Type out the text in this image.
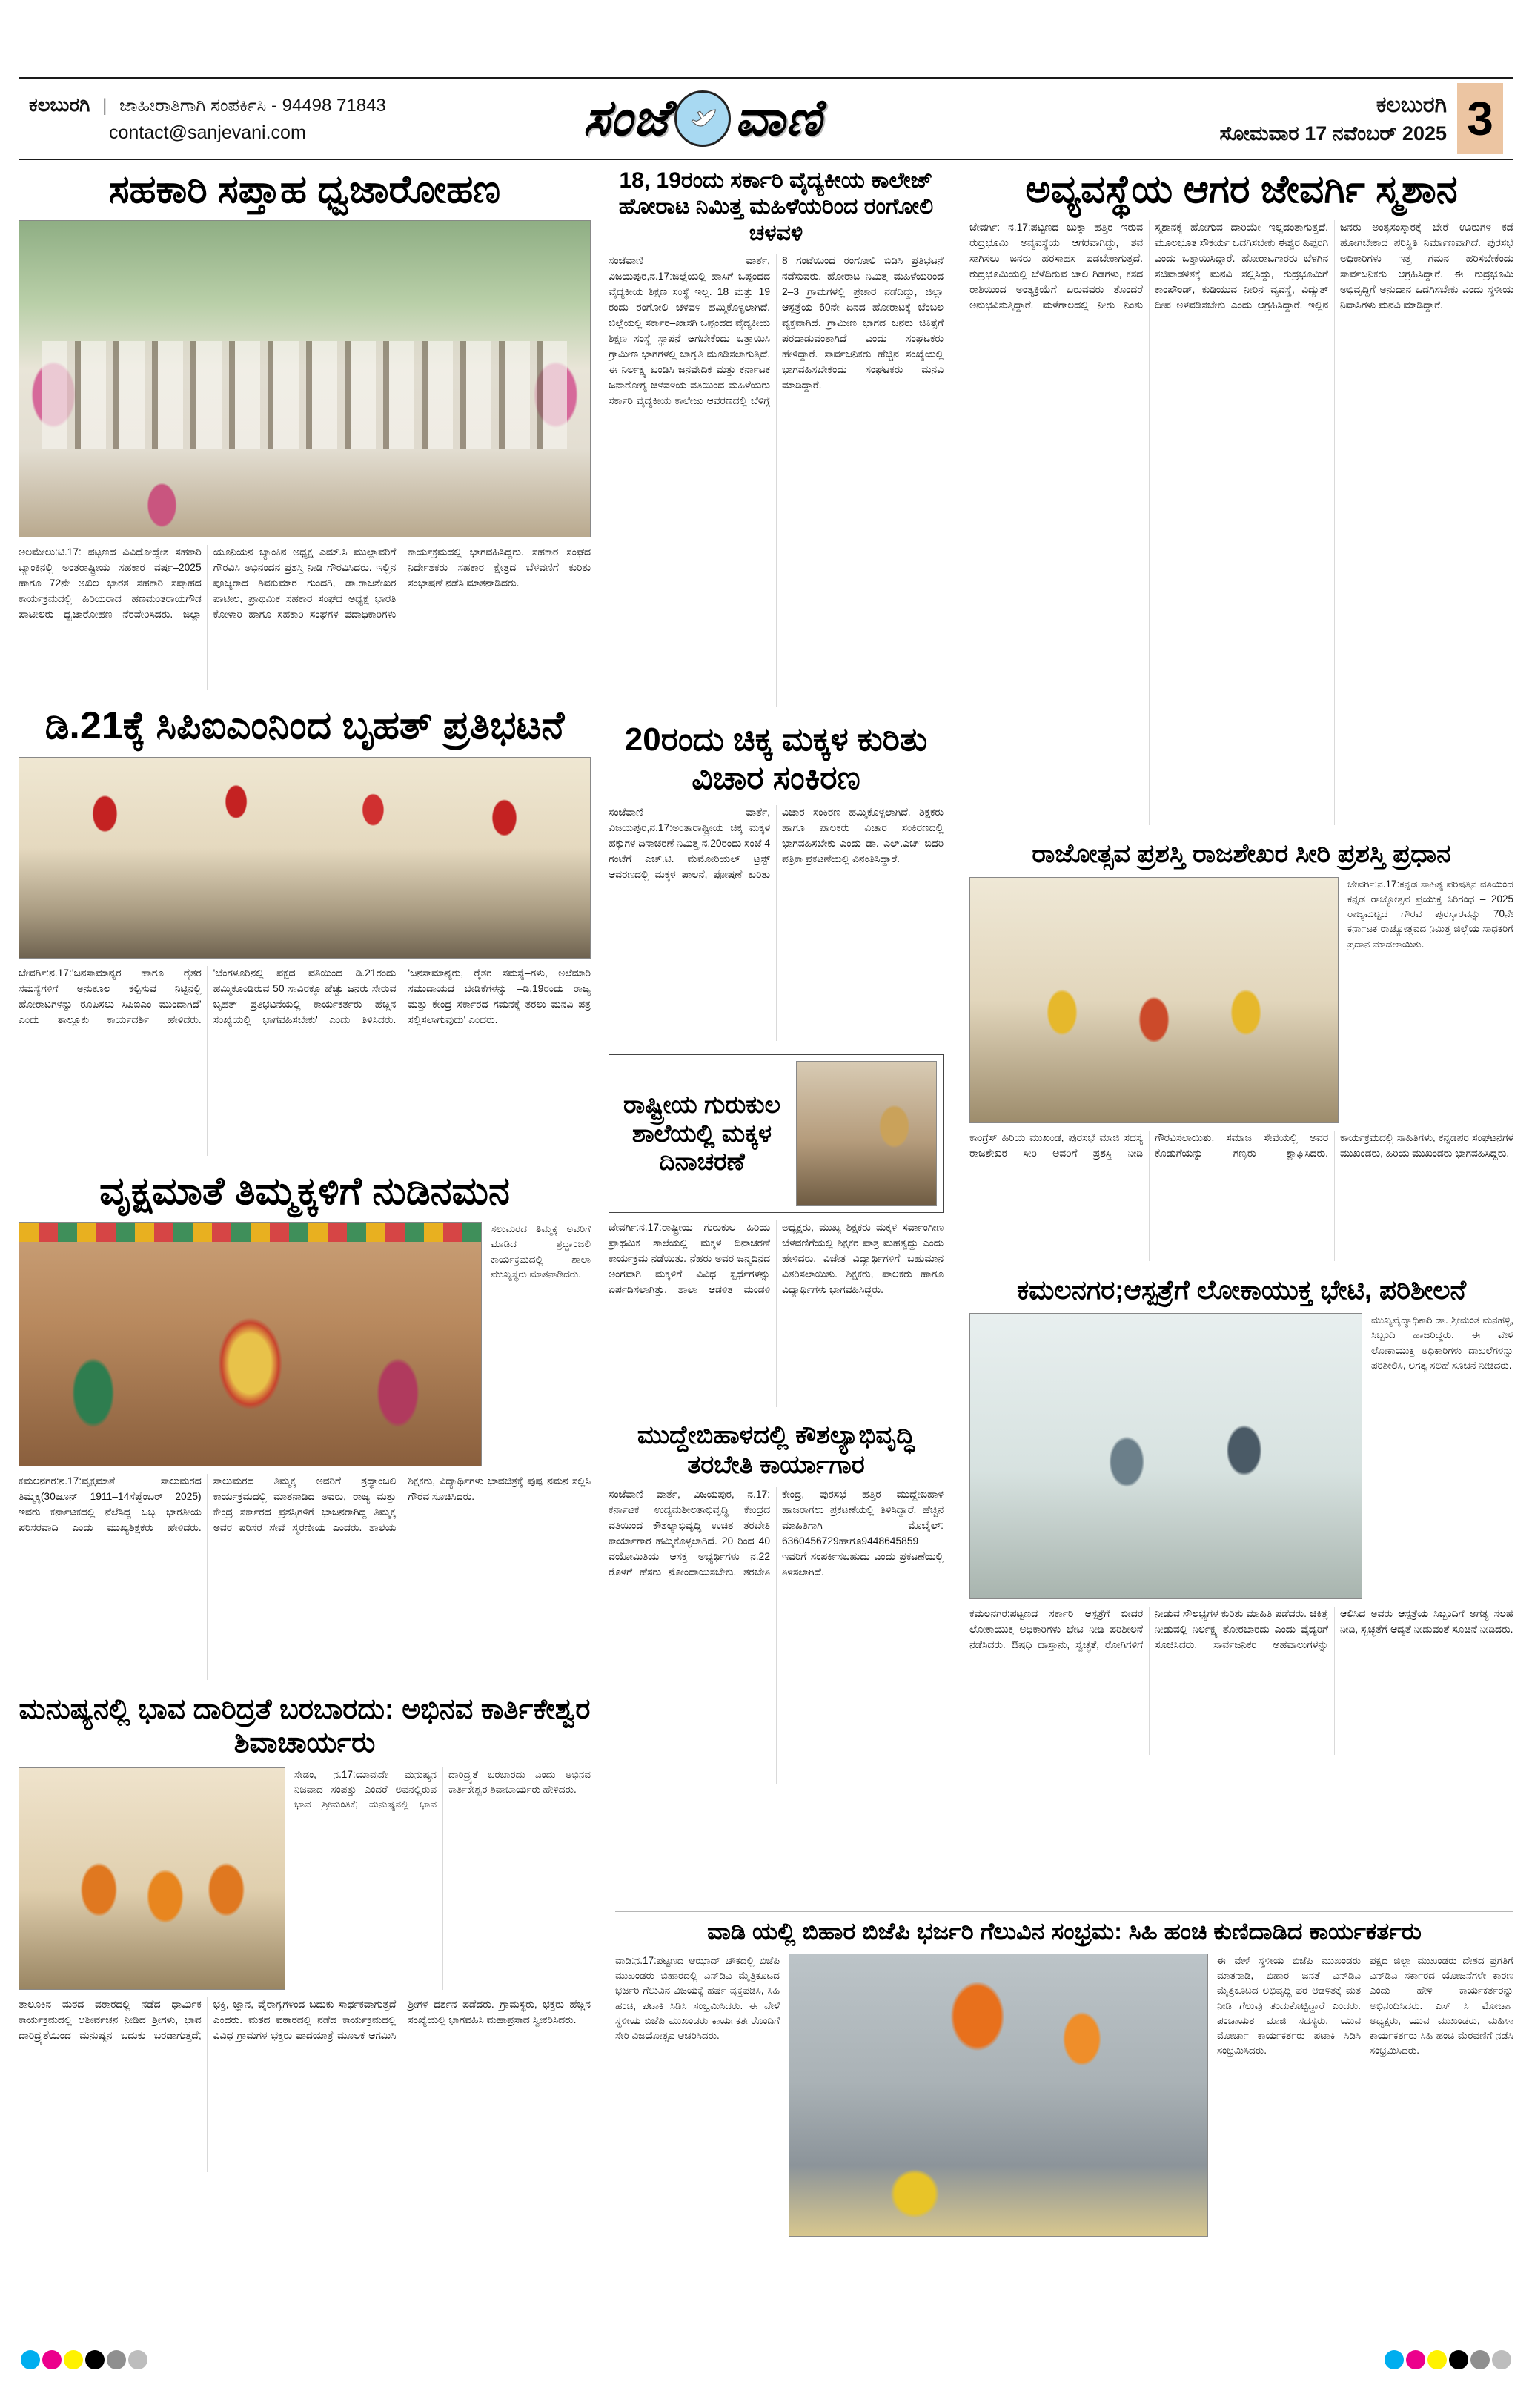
ಕಲಬುರಗಿ | ಜಾಹೀರಾತಿಗಾಗಿ ಸಂಪರ್ಕಿಸಿ - 94498 71843
contact@sanjevani.com	ಸಂಜೆ ವಾಣಿ	ಕಲಬುರಗಿ
ಸೋಮವಾರ 17 ನವೆಂಬರ್ 2025 3
ಸಹಕಾರಿ ಸಪ್ತಾಹ ಧ್ವಜಾರೋಹಣ
ಅಲಮೇಲು:ಟಿ.17: ಪಟ್ಟಣದ ವಿವಿಧೋದ್ದೇಶ ಸಹಕಾರಿ ಬ್ಯಾಂಕಿನಲ್ಲಿ ಅಂತರಾಷ್ಟ್ರೀಯ ಸಹಕಾರ ವರ್ಷ–2025 ಹಾಗೂ 72ನೇ ಅಖಿಲ ಭಾರತ ಸಹಕಾರಿ ಸಪ್ತಾಹದ ಕಾರ್ಯಕ್ರಮದಲ್ಲಿ ಹಿರಿಯರಾದ ಹಣಮಂತರಾಯಗೌಡ ಪಾಟೀಲರು ಧ್ವಜಾರೋಹಣ ನೆರವೇರಿಸಿದರು. ಜಿಲ್ಲಾ ಯೂನಿಯನ ಬ್ಯಾಂಕಿನ ಅಧ್ಯಕ್ಷ ಎಮ್.ಸಿ ಮುಲ್ಲಾವರಿಗೆ ಗೌರವಿಸಿ ಅಭಿನಂದನ ಪ್ರಶಸ್ತಿ ನೀಡಿ ಗೌರವಿಸಿದರು. ಇಲ್ಲಿನ ಪೂಜ್ಯರಾದ ಶಿವಕುಮಾರ ಗುಂದಗಿ, ಡಾ.ರಾಜಶೇಖರ ಪಾಟೀಲ, ಪ್ರಾಥಮಿಕ ಸಹಕಾರ ಸಂಘದ ಅಧ್ಯಕ್ಷ ಭಾರತಿ ಕೋಳಾರಿ ಹಾಗೂ ಸಹಕಾರಿ ಸಂಘಗಳ ಪದಾಧಿಕಾರಿಗಳು ಕಾರ್ಯಕ್ರಮದಲ್ಲಿ ಭಾಗವಹಿಸಿದ್ದರು. ಸಹಕಾರ ಸಂಘದ ನಿರ್ದೇಶಕರು ಸಹಕಾರ ಕ್ಷೇತ್ರದ ಬೆಳವಣಿಗೆ ಕುರಿತು ಸಂಭಾಷಣೆ ನಡೆಸಿ ಮಾತನಾಡಿದರು.
ಡಿ.21ಕ್ಕೆ ಸಿಪಿಐಎಂನಿಂದ ಬೃಹತ್ ಪ್ರತಿಭಟನೆ
ಜೇವರ್ಗಿ:ನ.17:'ಜನಸಾಮಾನ್ಯರ ಹಾಗೂ ರೈತರ ಸಮಸ್ಯೆಗಳಿಗೆ ಅನುಕೂಲ ಕಲ್ಪಿಸುವ ನಿಟ್ಟಿನಲ್ಲಿ ಹೋರಾಟಗಳನ್ನು ರೂಪಿಸಲು ಸಿಪಿಐಎಂ ಮುಂದಾಗಿದೆ' ಎಂದು ತಾಲ್ಲೂಕು ಕಾರ್ಯದರ್ಶಿ ಹೇಳಿದರು. 'ಬೆಂಗಳೂರಿನಲ್ಲಿ ಪಕ್ಷದ ವತಿಯಿಂದ ಡಿ.21ರಂದು ಹಮ್ಮಿಕೊಂಡಿರುವ 50 ಸಾವಿರಕ್ಕೂ ಹೆಚ್ಚು ಜನರು ಸೇರುವ ಬೃಹತ್ ಪ್ರತಿಭಟನೆಯಲ್ಲಿ ಕಾರ್ಯಕರ್ತರು ಹೆಚ್ಚಿನ ಸಂಖ್ಯೆಯಲ್ಲಿ ಭಾಗವಹಿಸಬೇಕು' ಎಂದು ತಿಳಿಸಿದರು. 'ಜನಸಾಮಾನ್ಯರು, ರೈತರ ಸಮಸ್ಯೆ–ಗಳು, ಅಲೆಮಾರಿ ಸಮುದಾಯದ ಬೇಡಿಕೆಗಳನ್ನು –ಡಿ.19ರಂದು ರಾಜ್ಯ ಮತ್ತು ಕೇಂದ್ರ ಸರ್ಕಾರದ ಗಮನಕ್ಕೆ ತರಲು ಮನವಿ ಪತ್ರ ಸಲ್ಲಿಸಲಾಗುವುದು' ಎಂದರು.
ವೃಕ್ಷಮಾತೆ ತಿಮ್ಮಕ್ಕಳಿಗೆ ನುಡಿನಮನ
ಸಲುಮರದ ತಿಮ್ಮಕ್ಕ ಅವರಿಗೆ ಮಾಡಿದ ಶ್ರದ್ಧಾಂಜಲಿ ಕಾರ್ಯಕ್ರಮದಲ್ಲಿ ಶಾಲಾ ಮುಖ್ಯಸ್ಥರು ಮಾತನಾಡಿದರು.
ಕಮಲನಗರ:ನ.17:ವೃಕ್ಷಮಾತೆ ಸಾಲುಮರದ ತಿಮ್ಮಕ್ಕ(30ಜೂನ್ 1911–14ಸೆಪ್ಟೆಂಬರ್ 2025) ಇವರು ಕರ್ನಾಟಕದಲ್ಲಿ ನೆಲೆಸಿದ್ದ ಒಬ್ಬ ಭಾರತೀಯ ಪರಿಸರವಾದಿ ಎಂದು ಮುಖ್ಯಶಿಕ್ಷಕರು ಹೇಳಿದರು. ಸಾಲುಮರದ ತಿಮ್ಮಕ್ಕ ಅವರಿಗೆ ಶ್ರದ್ಧಾಂಜಲಿ ಕಾರ್ಯಕ್ರಮದಲ್ಲಿ ಮಾತನಾಡಿದ ಅವರು, ರಾಜ್ಯ ಮತ್ತು ಕೇಂದ್ರ ಸರ್ಕಾರದ ಪ್ರಶಸ್ತಿಗಳಿಗೆ ಭಾಜನರಾಗಿದ್ದ ತಿಮ್ಮಕ್ಕ ಅವರ ಪರಿಸರ ಸೇವೆ ಸ್ಮರಣೀಯ ಎಂದರು. ಶಾಲೆಯ ಶಿಕ್ಷಕರು, ವಿದ್ಯಾರ್ಥಿಗಳು ಭಾವಚಿತ್ರಕ್ಕೆ ಪುಷ್ಪ ನಮನ ಸಲ್ಲಿಸಿ ಗೌರವ ಸೂಚಿಸಿದರು.
ಮನುಷ್ಯನಲ್ಲಿ ಭಾವ ದಾರಿದ್ರತೆ ಬರಬಾರದು: ಅಭಿನವ ಕಾರ್ತಿಕೇಶ್ವರ ಶಿವಾಚಾರ್ಯರು
ಸೇಡಂ, ನ.17:ಯಾವುದೇ ಮನುಷ್ಯನ ನಿಜವಾದ ಸಂಪತ್ತು ಎಂದರೆ ಅವನಲ್ಲಿರುವ ಭಾವ ಶ್ರೀಮಂತಿಕೆ; ಮನುಷ್ಯನಲ್ಲಿ ಭಾವ ದಾರಿದ್ರ್ಯತೆ ಬರಬಾರದು ಎಂದು ಅಭಿನವ ಕಾರ್ತಿಕೇಶ್ವರ ಶಿವಾಚಾರ್ಯರು ಹೇಳಿದರು.
ತಾಲೂಕಿನ ಮಠದ ವಠಾರದಲ್ಲಿ ನಡೆದ ಧಾರ್ಮಿಕ ಕಾರ್ಯಕ್ರಮದಲ್ಲಿ ಆಶೀರ್ವಚನ ನೀಡಿದ ಶ್ರೀಗಳು, ಭಾವ ದಾರಿದ್ರ್ಯತೆಯಿಂದ ಮನುಷ್ಯನ ಬದುಕು ಬರಡಾಗುತ್ತದೆ; ಭಕ್ತಿ, ಜ್ಞಾನ, ವೈರಾಗ್ಯಗಳಿಂದ ಬದುಕು ಸಾರ್ಥಕವಾಗುತ್ತದೆ ಎಂದರು. ಮಠದ ವಠಾರದಲ್ಲಿ ನಡೆದ ಕಾರ್ಯಕ್ರಮದಲ್ಲಿ ವಿವಿಧ ಗ್ರಾಮಗಳ ಭಕ್ತರು ಪಾದಯಾತ್ರೆ ಮೂಲಕ ಆಗಮಿಸಿ ಶ್ರೀಗಳ ದರ್ಶನ ಪಡೆದರು. ಗ್ರಾಮಸ್ಥರು, ಭಕ್ತರು ಹೆಚ್ಚಿನ ಸಂಖ್ಯೆಯಲ್ಲಿ ಭಾಗವಹಿಸಿ ಮಹಾಪ್ರಸಾದ ಸ್ವೀಕರಿಸಿದರು.
18, 19ರಂದು ಸರ್ಕಾರಿ ವೈದ್ಯಕೀಯ ಕಾಲೇಜ್ ಹೋರಾಟ ನಿಮಿತ್ತ ಮಹಿಳೆಯರಿಂದ ರಂಗೋಲಿ ಚಳವಳಿ
ಸಂಜೆವಾಣಿ ವಾರ್ತೆ, ವಿಜಯಪುರ,ನ.17:ಜಿಲ್ಲೆಯಲ್ಲಿ ಹಾಸಿಗೆ ಒಪ್ಪಂದದ ವೈದ್ಯಕೀಯ ಶಿಕ್ಷಣ ಸಂಸ್ಥೆ ಇಲ್ಲ. 18 ಮತ್ತು 19 ರಂದು ರಂಗೋಲಿ ಚಳವಳಿ ಹಮ್ಮಿಕೊಳ್ಳಲಾಗಿದೆ. ಜಿಲ್ಲೆಯಲ್ಲಿ ಸರ್ಕಾರ–ಖಾಸಗಿ ಒಪ್ಪಂದದ ವೈದ್ಯಕೀಯ ಶಿಕ್ಷಣ ಸಂಸ್ಥೆ ಸ್ಥಾಪನೆ ಆಗಬೇಕೆಂದು ಒತ್ತಾಯಿಸಿ ಗ್ರಾಮೀಣ ಭಾಗಗಳಲ್ಲಿ ಜಾಗೃತಿ ಮೂಡಿಸಲಾಗುತ್ತಿದೆ. ಈ ನಿರ್ಲಕ್ಷ್ಯ ಖಂಡಿಸಿ ಜನವೇದಿಕೆ ಮತ್ತು ಕರ್ನಾಟಕ ಜನಾರೋಗ್ಯ ಚಳವಳಿಯ ವತಿಯಿಂದ ಮಹಿಳೆಯರು ಸರ್ಕಾರಿ ವೈದ್ಯಕೀಯ ಕಾಲೇಜು ಆವರಣದಲ್ಲಿ ಬೆಳಿಗ್ಗೆ 8 ಗಂಟೆಯಿಂದ ರಂಗೋಲಿ ಬಿಡಿಸಿ ಪ್ರತಿಭಟನೆ ನಡೆಸುವರು. ಹೋರಾಟ ನಿಮಿತ್ತ ಮಹಿಳೆಯರಿಂದ 2–3 ಗ್ರಾಮಗಳಲ್ಲಿ ಪ್ರಚಾರ ನಡೆದಿದ್ದು, ಜಿಲ್ಲಾ ಆಸ್ಪತ್ರೆಯ 60ನೇ ದಿನದ ಹೋರಾಟಕ್ಕೆ ಬೆಂಬಲ ವ್ಯಕ್ತವಾಗಿದೆ. ಗ್ರಾಮೀಣ ಭಾಗದ ಜನರು ಚಿಕಿತ್ಸೆಗೆ ಪರದಾಡುವಂತಾಗಿದೆ ಎಂದು ಸಂಘಟಕರು ಹೇಳಿದ್ದಾರೆ. ಸಾರ್ವಜನಿಕರು ಹೆಚ್ಚಿನ ಸಂಖ್ಯೆಯಲ್ಲಿ ಭಾಗವಹಿಸಬೇಕೆಂದು ಸಂಘಟಕರು ಮನವಿ ಮಾಡಿದ್ದಾರೆ.
20ರಂದು ಚಿಕ್ಕ ಮಕ್ಕಳ ಕುರಿತು ವಿಚಾರ ಸಂಕಿರಣ
ಸಂಜೆವಾಣಿ ವಾರ್ತೆ, ವಿಜಯಪುರ,ನ.17:ಅಂತಾರಾಷ್ಟ್ರೀಯ ಚಿಕ್ಕ ಮಕ್ಕಳ ಹಕ್ಕುಗಳ ದಿನಾಚರಣೆ ನಿಮಿತ್ತ ನ.20ರಂದು ಸಂಜೆ 4 ಗಂಟೆಗೆ ಎಚ್.ಟಿ. ಮೆಮೋರಿಯಲ್ ಟ್ರಸ್ಟ್ ಆವರಣದಲ್ಲಿ ಮಕ್ಕಳ ಪಾಲನೆ, ಪೋಷಣೆ ಕುರಿತು ವಿಚಾರ ಸಂಕಿರಣ ಹಮ್ಮಿಕೊಳ್ಳಲಾಗಿದೆ. ಶಿಕ್ಷಕರು ಹಾಗೂ ಪಾಲಕರು ವಿಚಾರ ಸಂಕಿರಣದಲ್ಲಿ ಭಾಗವಹಿಸಬೇಕು ಎಂದು ಡಾ. ಎಲ್.ಎಚ್ ಬಿದರಿ ಪತ್ರಿಕಾ ಪ್ರಕಟಣೆಯಲ್ಲಿ ವಿನಂತಿಸಿದ್ದಾರೆ.
ರಾಷ್ಟ್ರೀಯ ಗುರುಕುಲ ಶಾಲೆಯಲ್ಲಿ ಮಕ್ಕಳ ದಿನಾಚರಣೆ
ಜೇವರ್ಗಿ:ನ.17:ರಾಷ್ಟ್ರೀಯ ಗುರುಕುಲ ಹಿರಿಯ ಪ್ರಾಥಮಿಕ ಶಾಲೆಯಲ್ಲಿ ಮಕ್ಕಳ ದಿನಾಚರಣೆ ಕಾರ್ಯಕ್ರಮ ನಡೆಯಿತು. ನೆಹರು ಅವರ ಜನ್ಮದಿನದ ಅಂಗವಾಗಿ ಮಕ್ಕಳಿಗೆ ವಿವಿಧ ಸ್ಪರ್ಧೆಗಳನ್ನು ಏರ್ಪಡಿಸಲಾಗಿತ್ತು. ಶಾಲಾ ಆಡಳಿತ ಮಂಡಳಿ ಅಧ್ಯಕ್ಷರು, ಮುಖ್ಯ ಶಿಕ್ಷಕರು ಮಕ್ಕಳ ಸರ್ವಾಂಗೀಣ ಬೆಳವಣಿಗೆಯಲ್ಲಿ ಶಿಕ್ಷಕರ ಪಾತ್ರ ಮಹತ್ವದ್ದು ಎಂದು ಹೇಳಿದರು. ವಿಜೇತ ವಿದ್ಯಾರ್ಥಿಗಳಿಗೆ ಬಹುಮಾನ ವಿತರಿಸಲಾಯಿತು. ಶಿಕ್ಷಕರು, ಪಾಲಕರು ಹಾಗೂ ವಿದ್ಯಾರ್ಥಿಗಳು ಭಾಗವಹಿಸಿದ್ದರು.
ಮುದ್ದೇಬಿಹಾಳದಲ್ಲಿ ಕೌಶಲ್ಯಾಭಿವೃದ್ಧಿ ತರಬೇತಿ ಕಾರ್ಯಾಗಾರ
ಸಂಜೆವಾಣಿ ವಾರ್ತೆ, ವಿಜಯಪುರ, ನ.17: ಕರ್ನಾಟಕ ಉದ್ಯಮಶೀಲತಾಭಿವೃದ್ಧಿ ಕೇಂದ್ರದ ವತಿಯಿಂದ ಕೌಶಲ್ಯಾಭಿವೃದ್ಧಿ ಉಚಿತ ತರಬೇತಿ ಕಾರ್ಯಾಗಾರ ಹಮ್ಮಿಕೊಳ್ಳಲಾಗಿದೆ. 20 ರಿಂದ 40 ವಯೋಮಿತಿಯ ಆಸಕ್ತ ಅಭ್ಯರ್ಥಿಗಳು ನ.22 ರೊಳಗೆ ಹೆಸರು ನೋಂದಾಯಿಸಬೇಕು. ತರಬೇತಿ ಕೇಂದ್ರ, ಪುರಸಭೆ ಹತ್ತಿರ ಮುದ್ದೇಬಿಹಾಳ ಹಾಜರಾಗಲು ಪ್ರಕಟಣೆಯಲ್ಲಿ ತಿಳಿಸಿದ್ದಾರೆ. ಹೆಚ್ಚಿನ ಮಾಹಿತಿಗಾಗಿ ಮೊಬೈಲ್: 6360456729ಹಾಗೂ9448645859 ಇವರಿಗೆ ಸಂಪರ್ಕಿಸಬಹುದು ಎಂದು ಪ್ರಕಟಣೆಯಲ್ಲಿ ತಿಳಿಸಲಾಗಿದೆ.
ಅವ್ಯವಸ್ಥೆಯ ಆಗರ ಜೇವರ್ಗಿ ಸ್ಮಶಾನ
ಜೇವರ್ಗಿ: ನ.17:ಪಟ್ಟಣದ ಬುಕ್ಕಾ ಹತ್ತಿರ ಇರುವ ರುದ್ರಭೂಮಿ ಅವ್ಯವಸ್ಥೆಯ ಆಗರವಾಗಿದ್ದು, ಶವ ಸಾಗಿಸಲು ಜನರು ಹರಸಾಹಸ ಪಡಬೇಕಾಗುತ್ತದೆ. ರುದ್ರಭೂಮಿಯಲ್ಲಿ ಬೆಳೆದಿರುವ ಜಾಲಿ ಗಿಡಗಳು, ಕಸದ ರಾಶಿಯಿಂದ ಅಂತ್ಯಕ್ರಿಯೆಗೆ ಬರುವವರು ತೊಂದರೆ ಅನುಭವಿಸುತ್ತಿದ್ದಾರೆ. ಮಳೆಗಾಲದಲ್ಲಿ ನೀರು ನಿಂತು ಸ್ಮಶಾನಕ್ಕೆ ಹೋಗುವ ದಾರಿಯೇ ಇಲ್ಲದಂತಾಗುತ್ತದೆ. ಮೂಲಭೂತ ಸೌಕರ್ಯ ಒದಗಿಸಬೇಕು ಈಶ್ವರ ಹಿಪ್ಪರಗಿ ಎಂದು ಒತ್ತಾಯಿಸಿದ್ದಾರೆ. ಹೋರಾಟಗಾರರು ಬೆಳಗಿನ ಸಚಿವಾಡಳಿತಕ್ಕೆ ಮನವಿ ಸಲ್ಲಿಸಿದ್ದು, ರುದ್ರಭೂಮಿಗೆ ಕಾಂಪೌಂಡ್, ಕುಡಿಯುವ ನೀರಿನ ವ್ಯವಸ್ಥೆ, ವಿದ್ಯುತ್ ದೀಪ ಅಳವಡಿಸಬೇಕು ಎಂದು ಆಗ್ರಹಿಸಿದ್ದಾರೆ. ಇಲ್ಲಿನ ಜನರು ಅಂತ್ಯಸಂಸ್ಕಾರಕ್ಕೆ ಬೇರೆ ಊರುಗಳ ಕಡೆ ಹೋಗಬೇಕಾದ ಪರಿಸ್ಥಿತಿ ನಿರ್ಮಾಣವಾಗಿದೆ. ಪುರಸಭೆ ಅಧಿಕಾರಿಗಳು ಇತ್ತ ಗಮನ ಹರಿಸಬೇಕೆಂದು ಸಾರ್ವಜನಿಕರು ಆಗ್ರಹಿಸಿದ್ದಾರೆ. ಈ ರುದ್ರಭೂಮಿ ಅಭಿವೃದ್ಧಿಗೆ ಅನುದಾನ ಒದಗಿಸಬೇಕು ಎಂದು ಸ್ಥಳೀಯ ನಿವಾಸಿಗಳು ಮನವಿ ಮಾಡಿದ್ದಾರೆ.
ರಾಜೋತ್ಸವ ಪ್ರಶಸ್ತಿ ರಾಜಶೇಖರ ಸೀರಿ ಪ್ರಶಸ್ತಿ ಪ್ರಧಾನ
ಜೇವರ್ಗಿ:ನ.17:ಕನ್ನಡ ಸಾಹಿತ್ಯ ಪರಿಷತ್ತಿನ ವತಿಯಿಂದ ಕನ್ನಡ ರಾಜ್ಯೋತ್ಸವ ಪ್ರಯುಕ್ತ ಸಿರಿಗಂಧ – 2025 ರಾಜ್ಯಮಟ್ಟದ ಗೌರವ ಪುರಸ್ಕಾರವನ್ನು 70ನೇ ಕರ್ನಾಟಕ ರಾಜ್ಯೋತ್ಸವದ ನಿಮಿತ್ತ ಜಿಲ್ಲೆಯ ಸಾಧಕರಿಗೆ ಪ್ರದಾನ ಮಾಡಲಾಯಿತು.
ಕಾಂಗ್ರೆಸ್ ಹಿರಿಯ ಮುಖಂಡ, ಪುರಸಭೆ ಮಾಜಿ ಸದಸ್ಯ ರಾಜಶೇಖರ ಸೀರಿ ಅವರಿಗೆ ಪ್ರಶಸ್ತಿ ನೀಡಿ ಗೌರವಿಸಲಾಯಿತು. ಸಮಾಜ ಸೇವೆಯಲ್ಲಿ ಅವರ ಕೊಡುಗೆಯನ್ನು ಗಣ್ಯರು ಶ್ಲಾಘಿಸಿದರು. ಕಾರ್ಯಕ್ರಮದಲ್ಲಿ ಸಾಹಿತಿಗಳು, ಕನ್ನಡಪರ ಸಂಘಟನೆಗಳ ಮುಖಂಡರು, ಹಿರಿಯ ಮುಖಂಡರು ಭಾಗವಹಿಸಿದ್ದರು.
ಕಮಲನಗರ;ಆಸ್ಪತ್ರೆಗೆ ಲೋಕಾಯುಕ್ತ ಭೇಟಿ, ಪರಿಶೀಲನೆ
ಮುಖ್ಯವೈದ್ಯಾಧಿಕಾರಿ ಡಾ. ಶ್ರೀಮಂತ ಮನಹಳ್ಳಿ, ಸಿಬ್ಬಂದಿ ಹಾಜರಿದ್ದರು. ಈ ವೇಳೆ ಲೋಕಾಯುಕ್ತ ಅಧಿಕಾರಿಗಳು ದಾಖಲೆಗಳನ್ನು ಪರಿಶೀಲಿಸಿ, ಅಗತ್ಯ ಸಲಹೆ ಸೂಚನೆ ನೀಡಿದರು.
ಕಮಲನಗರ:ಪಟ್ಟಣದ ಸರ್ಕಾರಿ ಆಸ್ಪತ್ರೆಗೆ ಬೀದರ ಲೋಕಾಯುಕ್ತ ಅಧಿಕಾರಿಗಳು ಭೇಟಿ ನೀಡಿ ಪರಿಶೀಲನೆ ನಡೆಸಿದರು. ಔಷಧಿ ದಾಸ್ತಾನು, ಸ್ವಚ್ಛತೆ, ರೋಗಿಗಳಿಗೆ ನೀಡುವ ಸೌಲಭ್ಯಗಳ ಕುರಿತು ಮಾಹಿತಿ ಪಡೆದರು. ಚಿಕಿತ್ಸೆ ನೀಡುವಲ್ಲಿ ನಿರ್ಲಕ್ಷ್ಯ ತೋರಬಾರದು ಎಂದು ವೈದ್ಯರಿಗೆ ಸೂಚಿಸಿದರು. ಸಾರ್ವಜನಿಕರ ಅಹವಾಲುಗಳನ್ನು ಆಲಿಸಿದ ಅವರು ಆಸ್ಪತ್ರೆಯ ಸಿಬ್ಬಂದಿಗೆ ಅಗತ್ಯ ಸಲಹೆ ನೀಡಿ, ಸ್ವಚ್ಛತೆಗೆ ಆದ್ಯತೆ ನೀಡುವಂತೆ ಸೂಚನೆ ನೀಡಿದರು.
ವಾಡಿ ಯಲ್ಲಿ ಬಿಹಾರ ಬಿಜೆಪಿ ಭರ್ಜರಿ ಗೆಲುವಿನ ಸಂಭ್ರಮ: ಸಿಹಿ ಹಂಚಿ ಕುಣಿದಾಡಿದ ಕಾರ್ಯಕರ್ತರು
ವಾಡಿ:ನ.17:ಪಟ್ಟಣದ ಆಝಾದ್ ಚೌಕದಲ್ಲಿ ಬಿಜೆಪಿ ಮುಖಂಡರು ಬಿಹಾರದಲ್ಲಿ ಎನ್‌ಡಿಎ ಮೈತ್ರಿಕೂಟದ ಭರ್ಜರಿ ಗೆಲುವಿನ ವಿಜಯಕ್ಕೆ ಹರ್ಷ ವ್ಯಕ್ತಪಡಿಸಿ, ಸಿಹಿ ಹಂಚಿ, ಪಟಾಕಿ ಸಿಡಿಸಿ ಸಂಭ್ರಮಿಸಿದರು. ಈ ವೇಳೆ ಸ್ಥಳೀಯ ಬಿಜೆಪಿ ಮುಖಂಡರು ಕಾರ್ಯಕರ್ತರೊಂದಿಗೆ ಸೇರಿ ವಿಜಯೋತ್ಸವ ಆಚರಿಸಿದರು.
ಈ ವೇಳೆ ಸ್ಥಳೀಯ ಬಿಜೆಪಿ ಮುಖಂಡರು ಮಾತನಾಡಿ, ಬಿಹಾರ ಜನತೆ ಎನ್‌ಡಿಎ ಮೈತ್ರಿಕೂಟದ ಅಭಿವೃದ್ಧಿ ಪರ ಆಡಳಿತಕ್ಕೆ ಮತ ನೀಡಿ ಗೆಲುವು ತಂದುಕೊಟ್ಟಿದ್ದಾರೆ ಎಂದರು. ಪಂಚಾಯತ ಮಾಜಿ ಸದಸ್ಯರು, ಯುವ ಮೋರ್ಚಾ ಕಾರ್ಯಕರ್ತರು ಪಟಾಕಿ ಸಿಡಿಸಿ ಸಂಭ್ರಮಿಸಿದರು.
ಪಕ್ಷದ ಜಿಲ್ಲಾ ಮುಖಂಡರು ದೇಶದ ಪ್ರಗತಿಗೆ ಎನ್‌ಡಿಎ ಸರ್ಕಾರದ ಯೋಜನೆಗಳೇ ಕಾರಣ ಎಂದು ಹೇಳಿ ಕಾರ್ಯಕರ್ತರನ್ನು ಅಭಿನಂದಿಸಿದರು. ಎಸ್ ಸಿ ಮೋರ್ಚಾ ಅಧ್ಯಕ್ಷರು, ಯುವ ಮುಖಂಡರು, ಮಹಿಳಾ ಕಾರ್ಯಕರ್ತರು ಸಿಹಿ ಹಂಚಿ ಮೆರವಣಿಗೆ ನಡೆಸಿ ಸಂಭ್ರಮಿಸಿದರು.
